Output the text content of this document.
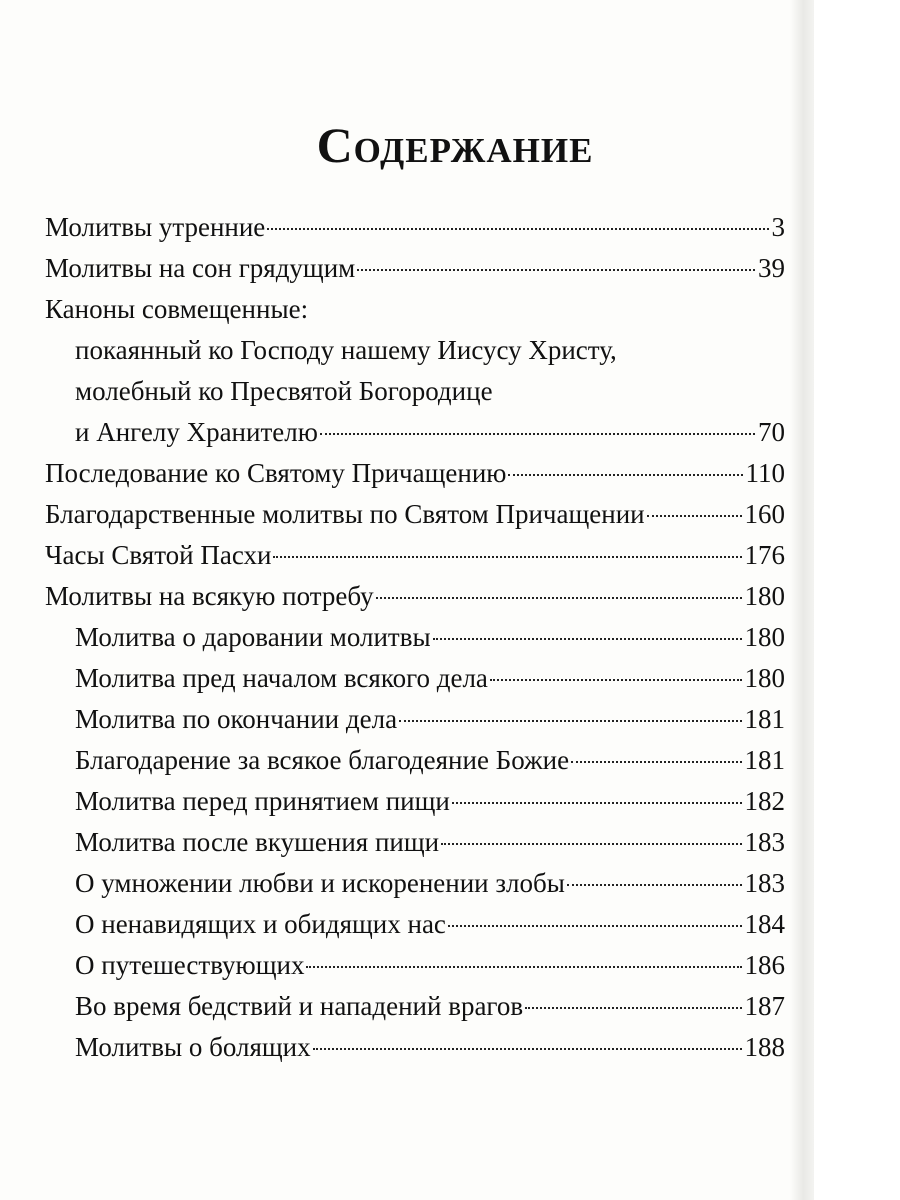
Содержание
Молитвы утренние	3
Молитвы на сон грядущим	39
Каноны совмещенные:
покаянный ко Господу нашему Иисусу Христу,
молебный ко Пресвятой Богородице
и Ангелу Хранителю	70
Последование ко Святому Причащению	110
Благодарственные молитвы по Святом Причащении	160
Часы Святой Пасхи	176
Молитвы на всякую потребу	180
Молитва о даровании молитвы	180
Молитва пред началом всякого дела	180
Молитва по окончании дела	181
Благодарение за всякое благодеяние Божие	181
Молитва перед принятием пищи	182
Молитва после вкушения пищи	183
О умножении любви и искоренении злобы	183
О ненавидящих и обидящих нас	184
О путешествующих	186
Во время бедствий и нападений врагов	187
Молитвы о болящих	188
